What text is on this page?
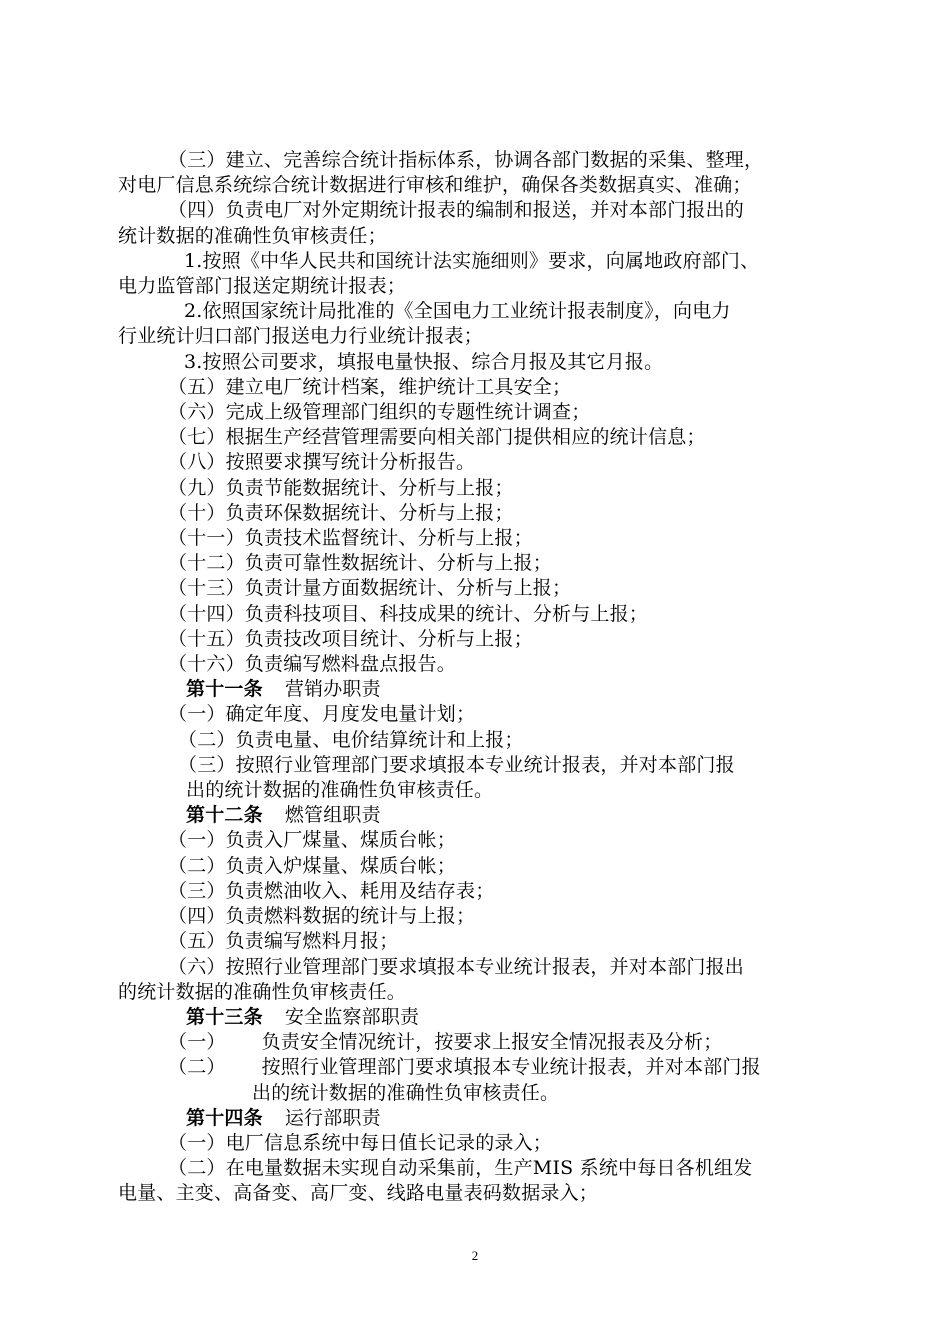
（三）建立、完善综合统计指标体系，协调各部门数据的采集、整理，

对电厂信息系统综合统计数据进行审核和维护，确保各类数据真实、准确；

（四）负责电厂对外定期统计报表的编制和报送，并对本部门报出的

统计数据的准确性负审核责任；

1.按照《中华人民共和国统计法实施细则》要求，向属地政府部门、

电力监管部门报送定期统计报表；

2.依照国家统计局批准的《全国电力工业统计报表制度》，向电力

行业统计归口部门报送电力行业统计报表；

3.按照公司要求，填报电量快报、综合月报及其它月报。

（五）建立电厂统计档案，维护统计工具安全；

（六）完成上级管理部门组织的专题性统计调查；

（七）根据生产经营管理需要向相关部门提供相应的统计信息；

（八）按照要求撰写统计分析报告。

（九）负责节能数据统计、分析与上报；

（十）负责环保数据统计、分析与上报；

（十一）负责技术监督统计、分析与上报；

（十二）负责可靠性数据统计、分析与上报；

（十三）负责计量方面数据统计、分析与上报；

（十四）负责科技项目、科技成果的统计、分析与上报；

（十五）负责技改项目统计、分析与上报；

（十六）负责编写燃料盘点报告。

第十一条 营销办职责

（一）确定年度、月度发电量计划；

（二）负责电量、电价结算统计和上报；

（三）按照行业管理部门要求填报本专业统计报表，并对本部门报

出的统计数据的准确性负审核责任。

第十二条 燃管组职责

（一）负责入厂煤量、煤质台帐；

（二）负责入炉煤量、煤质台帐；

（三）负责燃油收入、耗用及结存表；

（四）负责燃料数据的统计与上报；

（五）负责编写燃料月报；

（六）按照行业管理部门要求填报本专业统计报表，并对本部门报出

的统计数据的准确性负审核责任。

第十三条 安全监察部职责

（一） 负责安全情况统计，按要求上报安全情况报表及分析；

（二） 按照行业管理部门要求填报本专业统计报表，并对本部门报

出的统计数据的准确性负审核责任。

第十四条 运行部职责

（一）电厂信息系统中每日值长记录的录入；

（二）在电量数据未实现自动采集前，生产MIS 系统中每日各机组发

电量、主变、高备变、高厂变、线路电量表码数据录入；

2
